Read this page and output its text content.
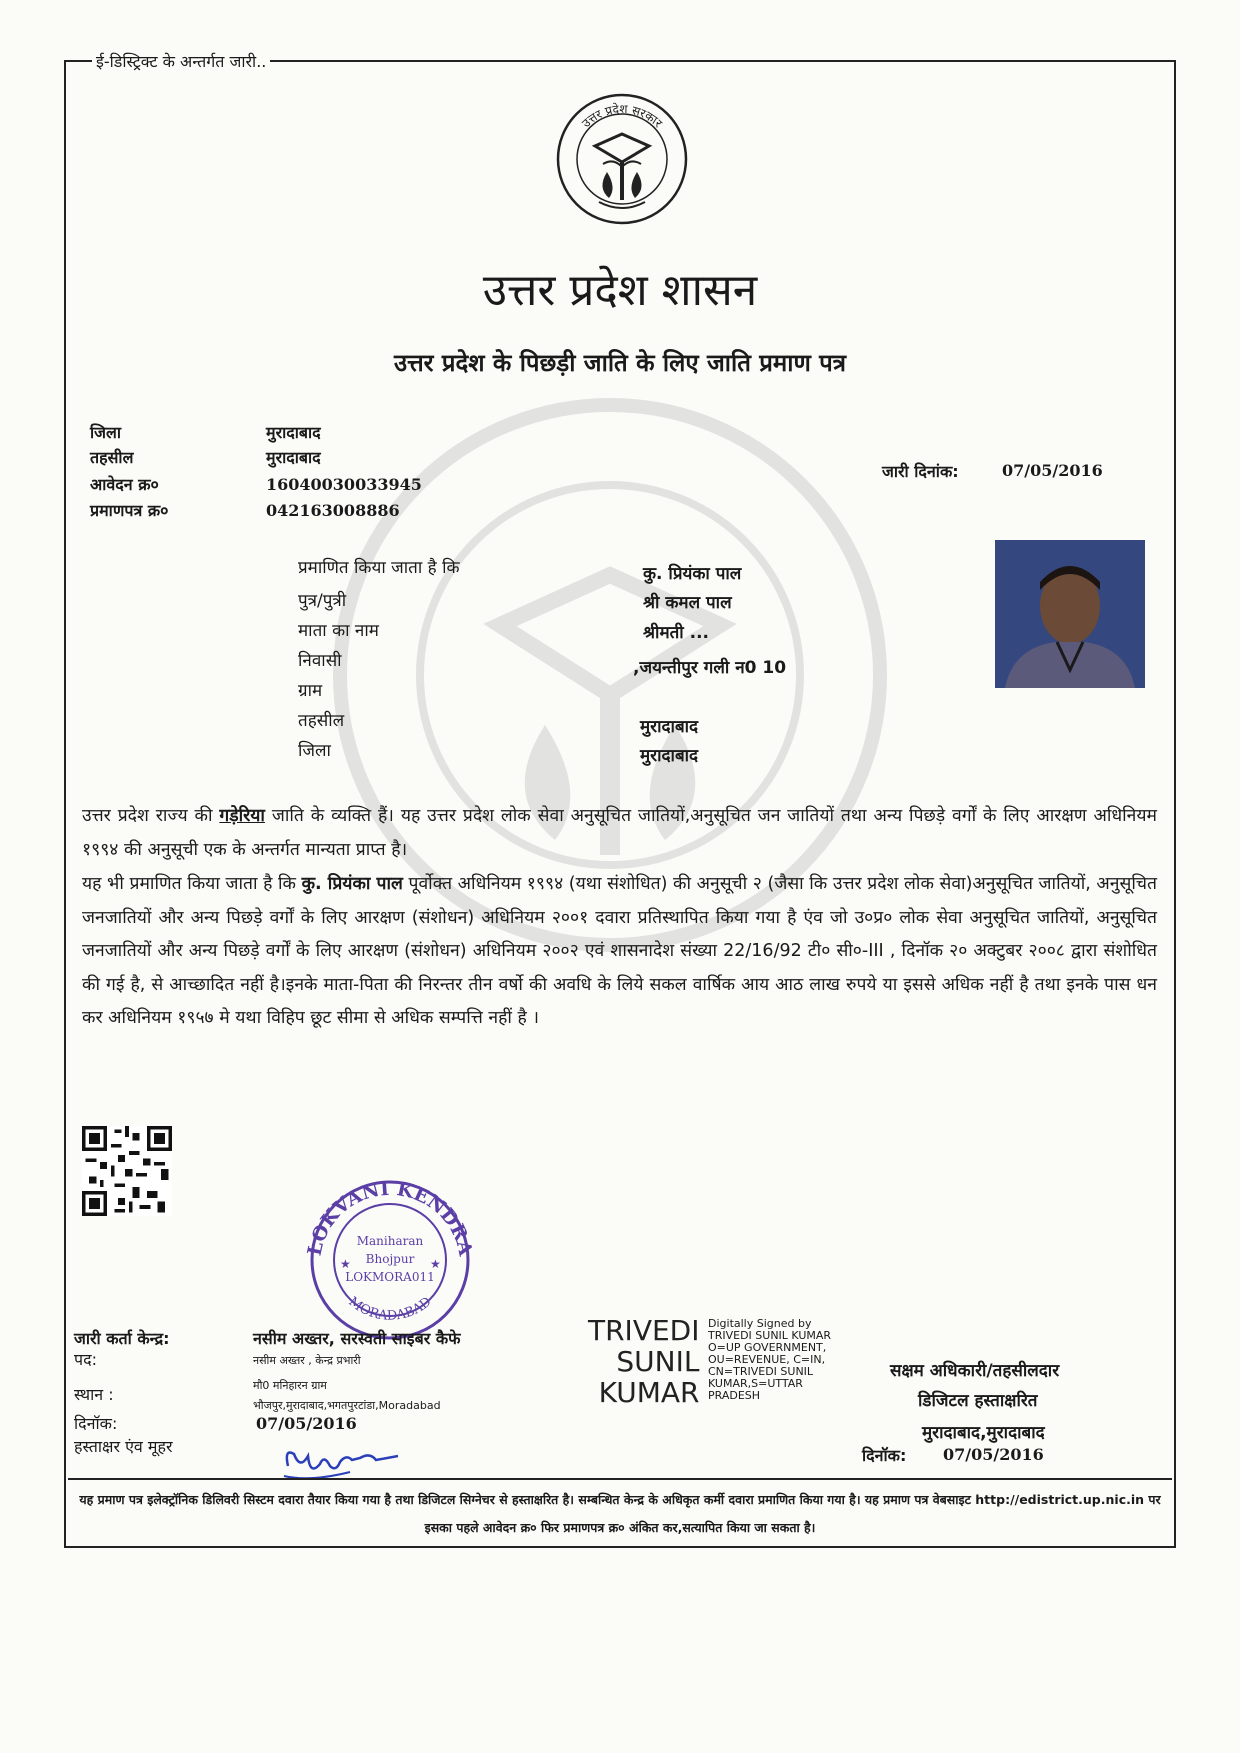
ई-डिस्ट्रिक्ट के अन्तर्गत जारी..
उत्तर प्रदेश सरकार
उत्तर प्रदेश शासन
उत्तर प्रदेश के पिछड़ी जाति के लिए जाति प्रमाण पत्र
जिला	मुरादाबाद
तहसील	मुरादाबाद
आवेदन क्र०	16040030033945
प्रमाणपत्र क्र०	042163008886
जारी दिनांक:	07/05/2016
प्रमाणित किया जाता है कि	कु. प्रियंका पाल
पुत्र/पुत्री	श्री कमल पाल
माता का नाम	श्रीमती ...
निवासी	,जयन्तीपुर गली न0 10
ग्राम
तहसील	मुरादाबाद
जिला	मुरादाबाद
उत्तर प्रदेश राज्य की गड़ेरिया जाति के व्यक्ति हैं। यह उत्तर प्रदेश लोक सेवा अनुसूचित जातियों,अनुसूचित जन जातियों तथा अन्य पिछड़े वर्गों के लिए आरक्षण अधिनियम १९९४ की अनुसूची एक के अन्तर्गत मान्यता प्राप्त है।
यह भी प्रमाणित किया जाता है कि कु. प्रियंका पाल पूर्वोक्त अधिनियम १९९४ (यथा संशोधित) की अनुसूची २ (जैसा कि उत्तर प्रदेश लोक सेवा)अनुसूचित जातियों, अनुसूचित जनजातियों और अन्य पिछड़े वर्गों के लिए आरक्षण (संशोधन) अधिनियम २००१ दवारा प्रतिस्थापित किया गया है एंव जो उ०प्र० लोक सेवा अनुसूचित जातियों, अनुसूचित जनजातियों और अन्य पिछड़े वर्गों के लिए आरक्षण (संशोधन) अधिनियम २००२ एवं शासनादेश संख्या 22/16/92 टी० सी०-III , दिनॉक २० अक्टुबर २००८ द्वारा संशोधित की गई है, से आच्छादित नहीं है।इनके माता-पिता की निरन्तर तीन वर्षो की अवधि के लिये सकल वार्षिक आय आठ लाख रुपये या इससे अधिक नहीं है तथा इनके पास धन कर अधिनियम १९५७ मे यथा विहिप छूट सीमा से अधिक सम्पत्ति नहीं है ।
LOKVANI KENDRA
MORADABAD
Maniharan
Bhojpur
LOKMORA011
★	★
जारी कर्ता केन्द्र:	नसीम अख्तर, सरस्वती साइबर कैफे
पद:	नसीम अख्तर , केन्द्र प्रभारी
स्थान :	मौ0 मनिहारन ग्राम
भौजपुर,मुरादाबाद,भगतपुरटांडा,Moradabad
दिनॉक:	07/05/2016
हस्ताक्षर एंव मूहर
TRIVEDI
SUNIL
KUMAR
Digitally Signed by
TRIVEDI SUNIL KUMAR
O=UP GOVERNMENT,
OU=REVENUE, C=IN,
CN=TRIVEDI SUNIL
KUMAR,S=UTTAR
PRADESH
सक्षम अधिकारी/तहसीलदार
डिजिटल हस्ताक्षरित
मुरादाबाद,मुरादाबाद
दिनॉक: 07/05/2016
यह प्रमाण पत्र इलेक्ट्रॉनिक डिलिवरी सिस्टम दवारा तैयार किया गया है तथा डिजिटल सिग्नेचर से हस्ताक्षरित है। सम्बन्धित केन्द्र के अधिकृत कर्मी दवारा प्रमाणित किया गया है। यह प्रमाण पत्र वेबसाइट http://edistrict.up.nic.in पर इसका पहले आवेदन क्र० फिर प्रमाणपत्र क्र० अंकित कर,सत्यापित किया जा सकता है।
